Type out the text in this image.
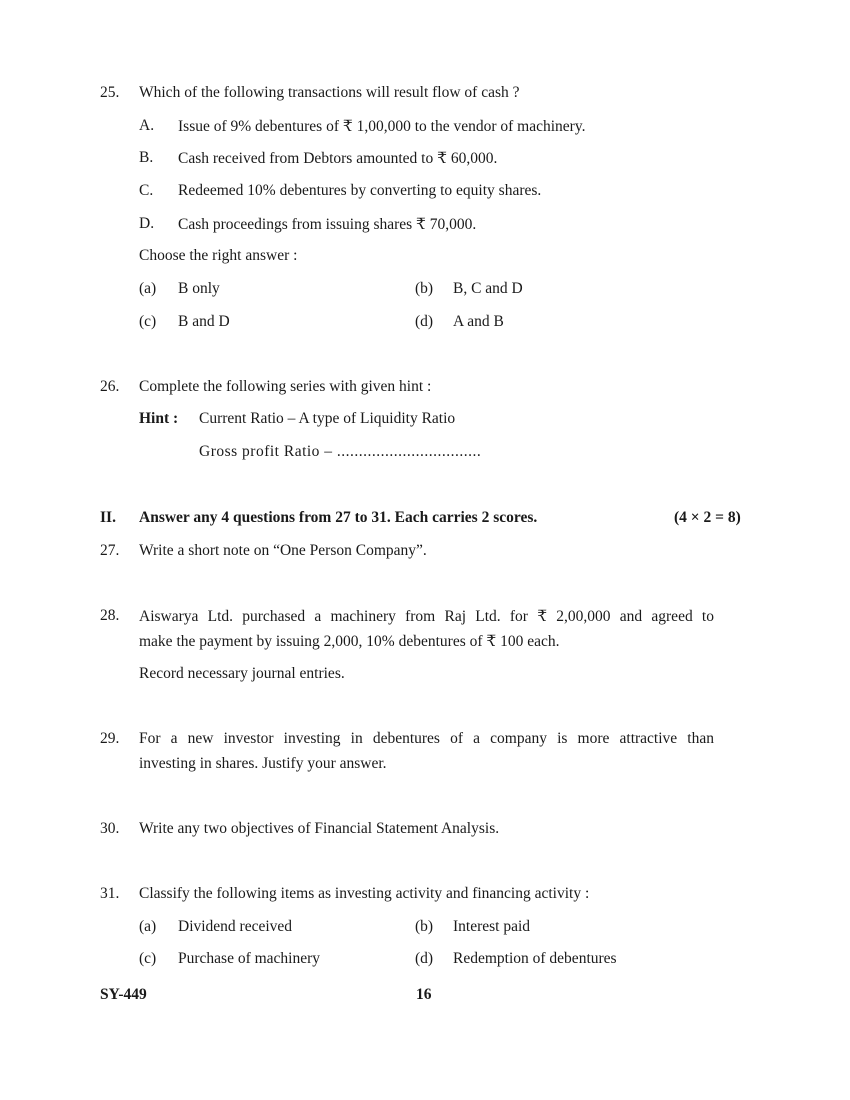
25. Which of the following transactions will result flow of cash ?
A. Issue of 9% debentures of ₹ 1,00,000 to the vendor of machinery.
B. Cash received from Debtors amounted to ₹ 60,000.
C. Redeemed 10% debentures by converting to equity shares.
D. Cash proceedings from issuing shares ₹ 70,000.
Choose the right answer :
(a) B only	(b) B, C and D
(c) B and D	(d) A and B
26. Complete the following series with given hint :
Hint : Current Ratio – A type of Liquidity Ratio
Gross profit Ratio – .................................
II. Answer any 4 questions from 27 to 31. Each carries 2 scores.	(4 × 2 = 8)
27. Write a short note on “One Person Company”.
28. Aiswarya Ltd. purchased a machinery from Raj Ltd. for ₹ 2,00,000 and agreed to
make the payment by issuing 2,000, 10% debentures of ₹ 100 each.
Record necessary journal entries.
29. For a new investor investing in debentures of a company is more attractive than
investing in shares. Justify your answer.
30. Write any two objectives of Financial Statement Analysis.
31. Classify the following items as investing activity and financing activity :
(a) Dividend received	(b) Interest paid
(c) Purchase of machinery	(d) Redemption of debentures
SY-449	16
